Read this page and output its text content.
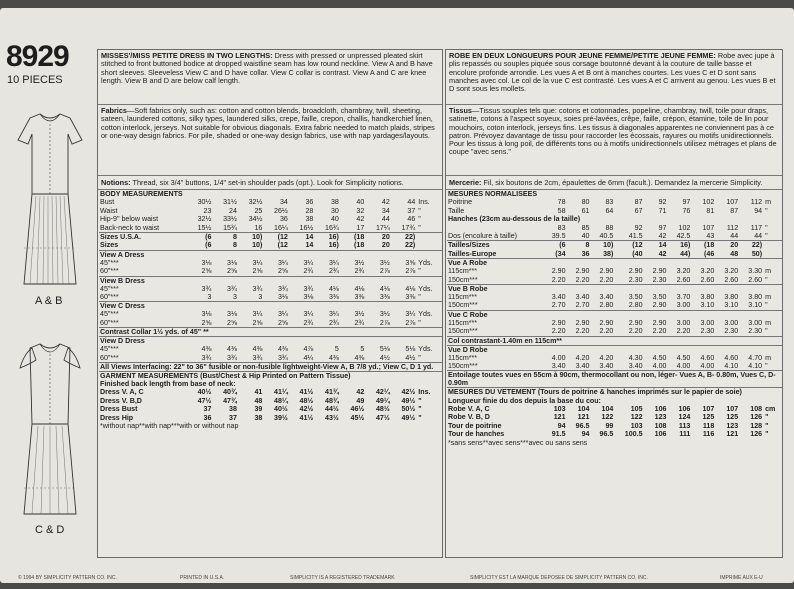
8929
10 PIECES
A & B
C & D
MISSES'/MISS PETITE DRESS IN TWO LENGTHS: Dress with pressed or unpressed pleated skirt stitched to front buttoned bodice at dropped waistline seam has low round neckline. View A and B have short sleeves. Sleeveless View C and D have collar. View C collar is contrast. View A and C are knee length. View B and D are below calf length.
Fabrics—Soft fabrics only, such as: cotton and cotton blends, broadcloth, chambray, twill, sheeting, sateen, laundered cottons, silky types, laundered silks, crepe, faille, crepon, challis, handkerchief linen, cotton interlock, jerseys. Not suitable for obvious diagonals. Extra fabric needed to match plaids, stripes or one-way design fabrics. For pile, shaded or one-way design fabrics, use with nap yardages/layouts.
Notions: Thread, six 3/4" buttons, 1/4" set-in shoulder pads (opt.). Look for Simplicity notions.
BODY MEASUREMENTS										
Bust	30½	31½	32½	34	36	38	40	42	44	Ins.
Waist	23	24	25	26½	28	30	32	34	37	"
Hip-9" below waist	32½	33½	34½	36	38	40	42	44	46	"
Back-neck to waist	15½	15¾	16	16¼	16½	16¾	17	17¼	17¾	"
Sizes U.S.A.	(6	8	10)	(12	14	16)	(18	20	22)	
Sizes	(6	8	10)	(12	14	16)	(18	20	22)	
View A Dress										
45"***	3⅛	3⅛	3¼	3¼	3¼	3¼	3½	3½	3⅝	Yds.
60"***	2⅝	2⅝	2⅝	2⅝	2¾	2¾	2¾	2⅞	2⅞	"
View B Dress										
45"***	3¾	3¾	3¾	3¾	3¾	4⅛	4⅛	4⅛	4⅛	Yds.
60"***	3	3	3	3⅛	3⅛	3⅜	3⅜	3⅜	3⅜	"
View C Dress										
45"***	3⅛	3⅛	3¼	3¼	3¼	3¼	3½	3½	3¼	Yds.
60"***	2⅝	2⅝	2⅝	2⅝	2¾	2¾	2¾	2⅞	2⅞	"
Contrast Collar 1½ yds. of 45" **										
View D Dress										
45"***	4⅜	4⅜	4⅜	4⅜	4⅞	5	5	5⅛	5⅛	Yds.
60"***	3¾	3¾	3¾	3¾	4¼	4⅜	4⅜	4½	4½	"
All Views Interfacing: 22" to 36" fusible or non-fusible lightweight-View A, B 7/8 yd.; View C, D 1 yd.										
GARMENT MEASUREMENTS (Bust/Chest & Hip Printed on Pattern Tissue)										
Finished back length from base of neck:										
Dress V. A, C	40½	40¾	41	41¼	41½	41¾	42	42¼	42½	Ins.
Dress V. B,D	47½	47¾	48	48¼	48½	48¾	49	49¼	49½	"
Dress Bust	37	38	39	40½	42½	44½	46½	48½	50½	"
Dress Hip	36	37	38	39½	41½	43½	45½	47½	49½	"
*without nap**with nap***with or without nap										
ROBE EN DEUX LONGUEURS POUR JEUNE FEMME/PETITE JEUNE FEMME: Robe avec jupe à plis repassés ou souples piquée sous corsage boutonné devant à la couture de taille basse et encolure profonde arrondie. Les vues A et B ont à manches courtes. Les vues C et D sont sans manches avec col. Le col de la vue C est contrasté. Les vues A et C arrivent au genou. Les vues B et D sont sous les mollets.
Tissus—Tissus souples tels que: cotons et cotonnades, popeline, chambray, twill, toile pour draps, satinette, cotons à l'aspect soyeux, soies pré-lavées, crêpe, faille, crépon, étamine, toile de lin pour mouchoirs, coton interlock, jerseys fins. Les tissus à diagonales apparentes ne conviennent pas à ce patron. Prévoyez davantage de tissu pour raccorder les écossais, rayures ou motifs unidirectionnels. Pour les tissus à long poil, de différents tons ou à motifs unidirectionnels utilisez métrages et plans de coupe "avec sens."
Mercerie: Fil, six boutons de 2cm, épaulettes de 6mm (facult.). Demandez la mercerie Simplicity.
MESURES NORMALISEES										
Poitrine	78	80	83	87	92	97	102	107	112	m
Taille	58	61	64	67	71	76	81	87	94	"
Hanches (23cm au-dessous de la taille)										
	83	85	88	92	97	102	107	112	117	"
Dos (encolure à taille)	39.5	40	40.5	41.5	42	42.5	43	44	44	"
Tailles/Sizes	(6	8	10)	(12	14	16)	(18	20	22)	
Tailles-Europe	(34	36	38)	(40	42	44)	(46	48	50)	
Vue A Robe										
115cm***	2.90	2.90	2.90	2.90	2.90	3.20	3.20	3.20	3.30	m
150cm***	2.20	2.20	2.20	2.30	2.30	2.60	2.60	2.60	2.60	"
Vue B Robe										
115cm***	3.40	3.40	3.40	3.50	3.50	3.70	3.80	3.80	3.80	m
150cm***	2.70	2.70	2.80	2.80	2.90	3.00	3.10	3.10	3.10	"
Vue C Robe										
115cm***	2.90	2.90	2.90	2.90	2.90	3.00	3.00	3.00	3.00	m
150cm***	2.20	2.20	2.20	2.20	2.20	2.20	2.30	2.30	2.30	"
Col contrastant-1.40m en 115cm**										
Vue D Robe										
115cm***	4.00	4.20	4.20	4.30	4.50	4.50	4.60	4.60	4.70	m
150cm***	3.40	3.40	3.40	3.40	4.00	4.00	4.00	4.10	4.10	"
Entoilage toutes vues en 55cm à 90cm, thermocollant ou non, léger- Vues A, B- 0.80m, Vues C, D- 0.90m										
MESURES DU VETEMENT (Tours de poitrine & hanches imprimés sur le papier de soie)										
Longueur finie du dos depuis la base du cou:										
Robe V. A, C	103	104	104	105	106	106	107	107	108	cm
Robe V. B, D	121	121	122	122	123	124	125	125	126	"
Tour de poitrine	94	96.5	99	103	108	113	118	123	128	"
Tour de hanches	91.5	94	96.5	100.5	106	111	116	121	126	"
*sans sens**avec sens***avec ou sans sens										
© 1994 BY SIMPLICITY PATTERN CO. INC.	PRINTED IN U.S.A.	SIMPLICITY IS A REGISTERED TRADEMARK	SIMPLICITY EST LA MARQUE DEPOSEE DE SIMPLICITY PATTERN CO. INC.	IMPRIME AUX E-U
